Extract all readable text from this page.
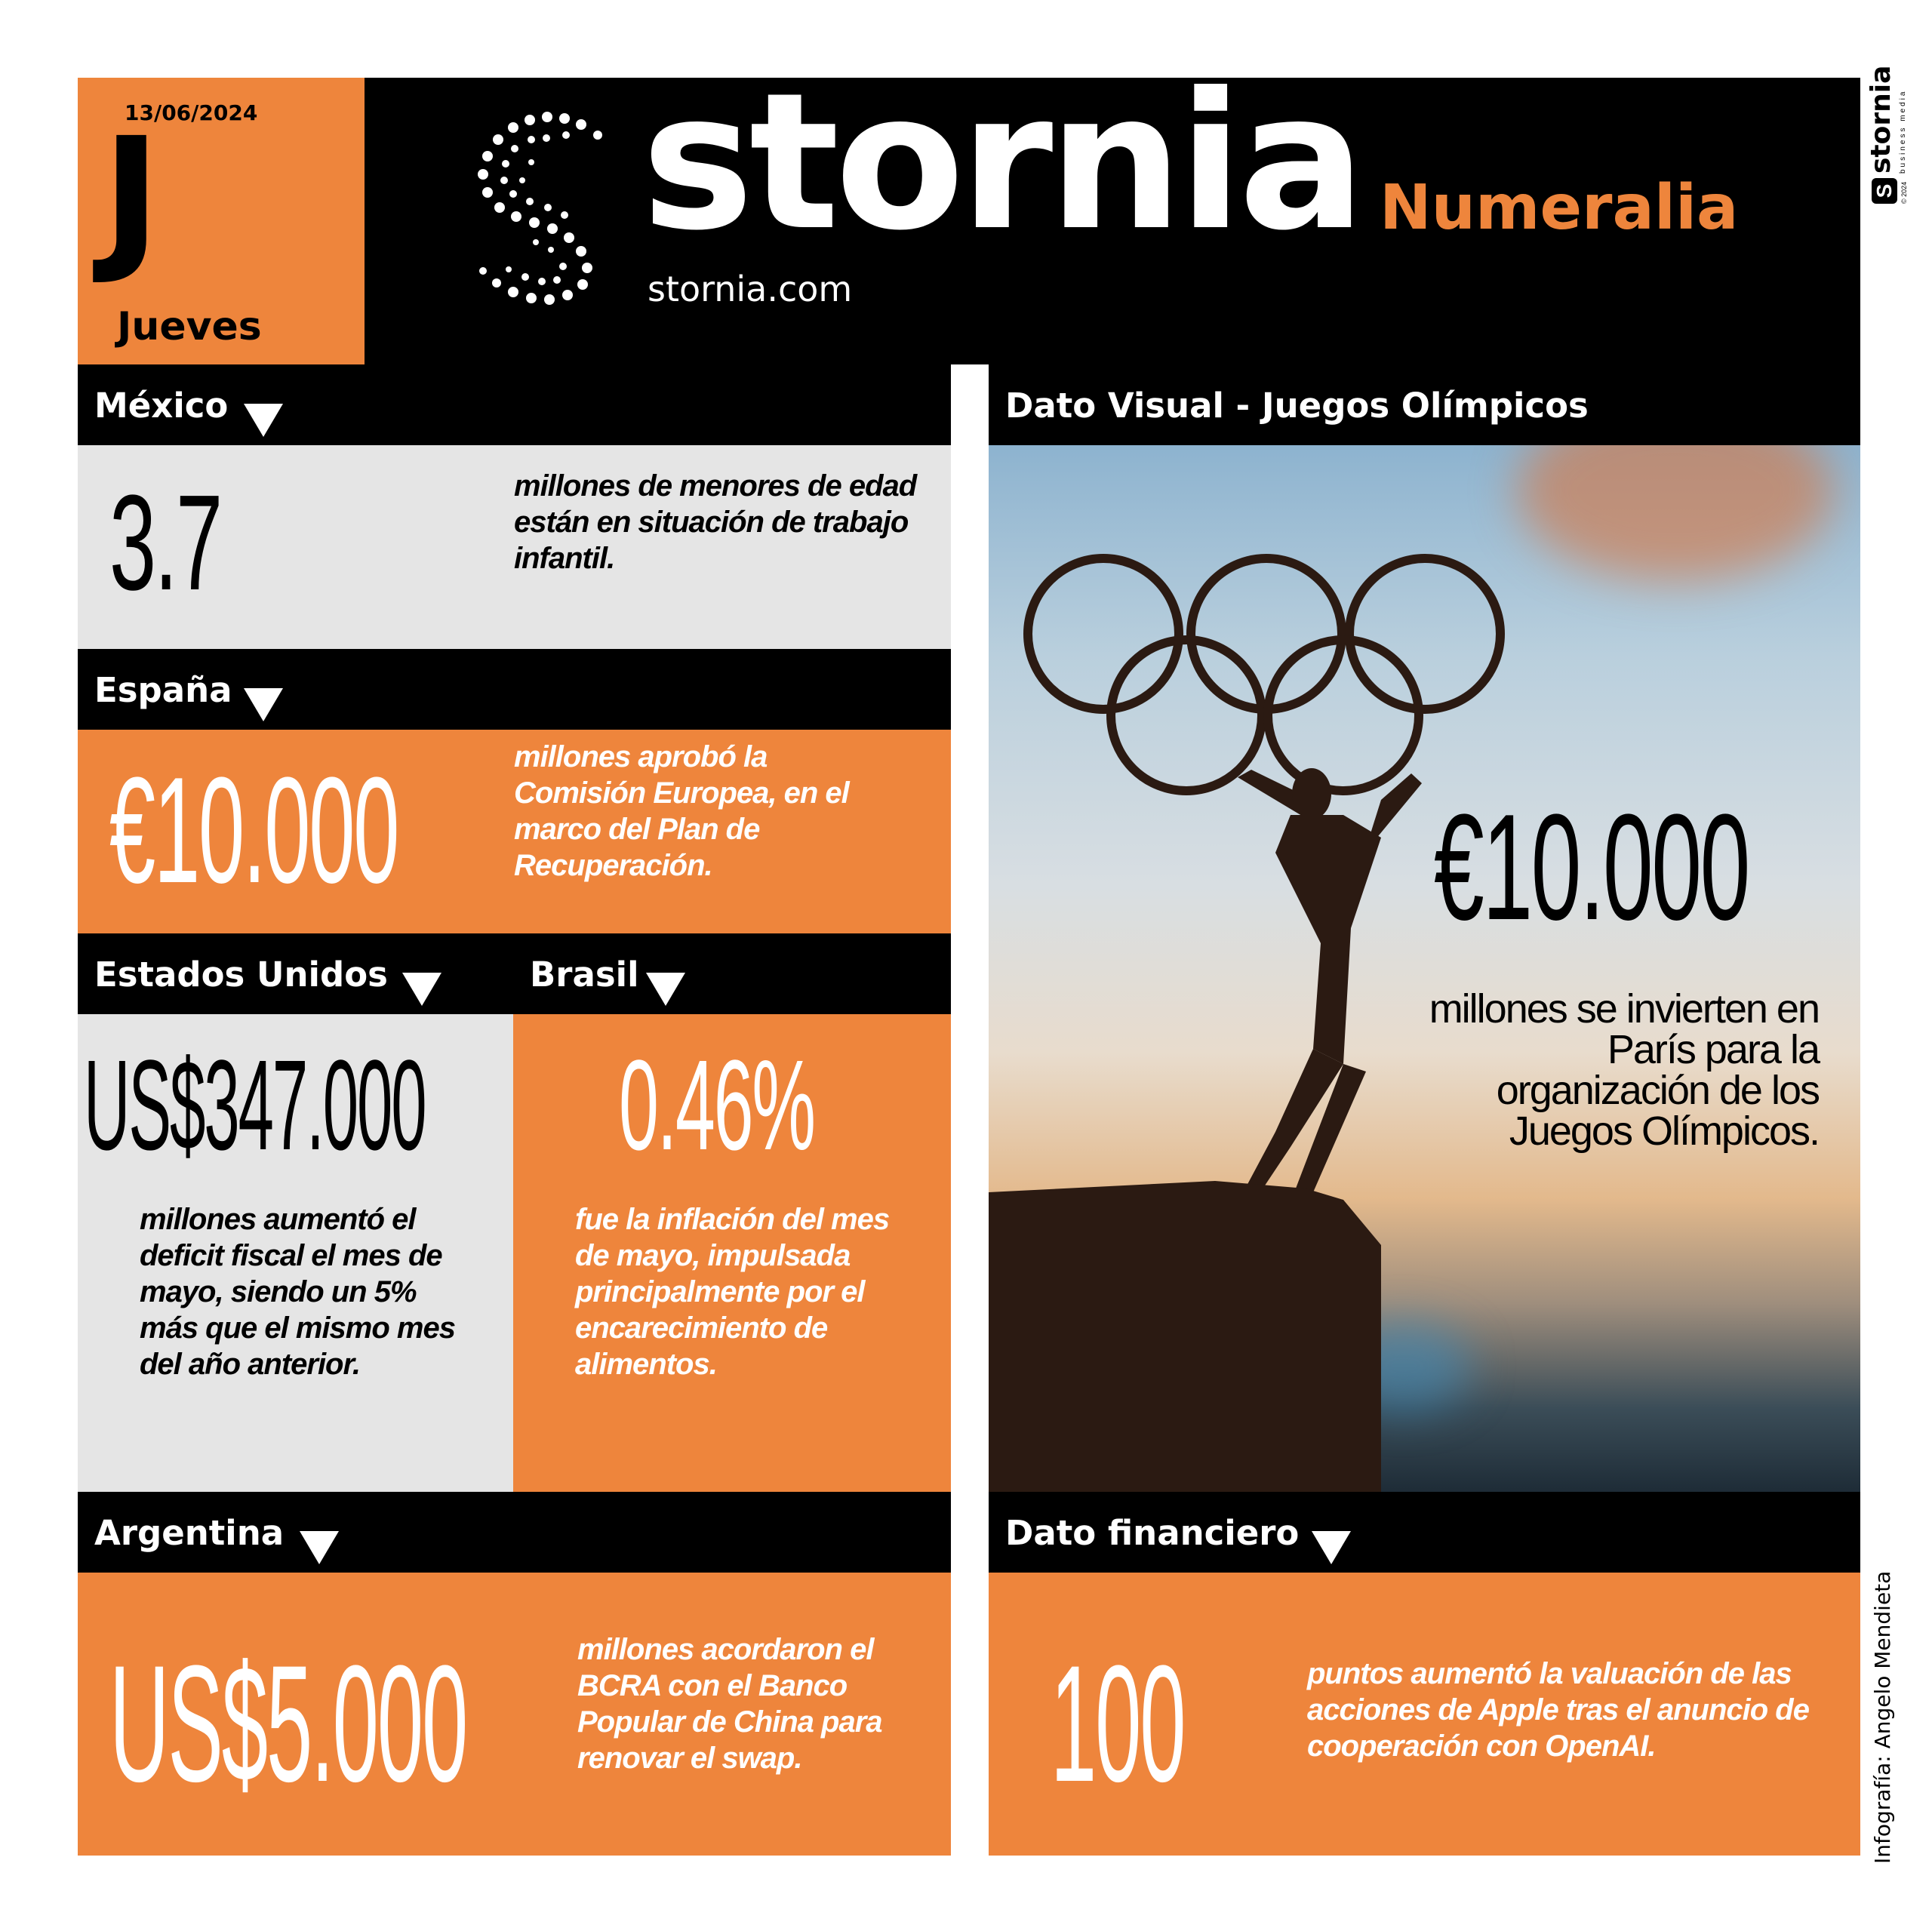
13/06/2024
J
Jueves
stornia Numeralia
stornia.com
S
stornia business media
© 2024
México
3.7	millones de menores de edad están en situación de trabajo infantil.
España
€10.000	millones aprobó la Comisión Europea, en el marco del Plan de Recuperación.
Estados Unidos	Brasil
US$347.000
millones aumentó el deficit fiscal el mes de mayo, siendo un 5% más que el mismo mes del año anterior.
0.46%
fue la inflación del mes de mayo, impulsada principalmente por el encarecimiento de alimentos.
Dato Visual - Juegos Olímpicos
€10.000
millones se invierten en París para la organización de los Juegos Olímpicos.
Argentina
US$5.000	millones acordaron el BCRA con el Banco Popular de China para renovar el swap.
Dato financiero
100	puntos aumentó la valuación de las acciones de Apple tras el anuncio de cooperación con OpenAI.	Infografía: Angelo Mendieta
